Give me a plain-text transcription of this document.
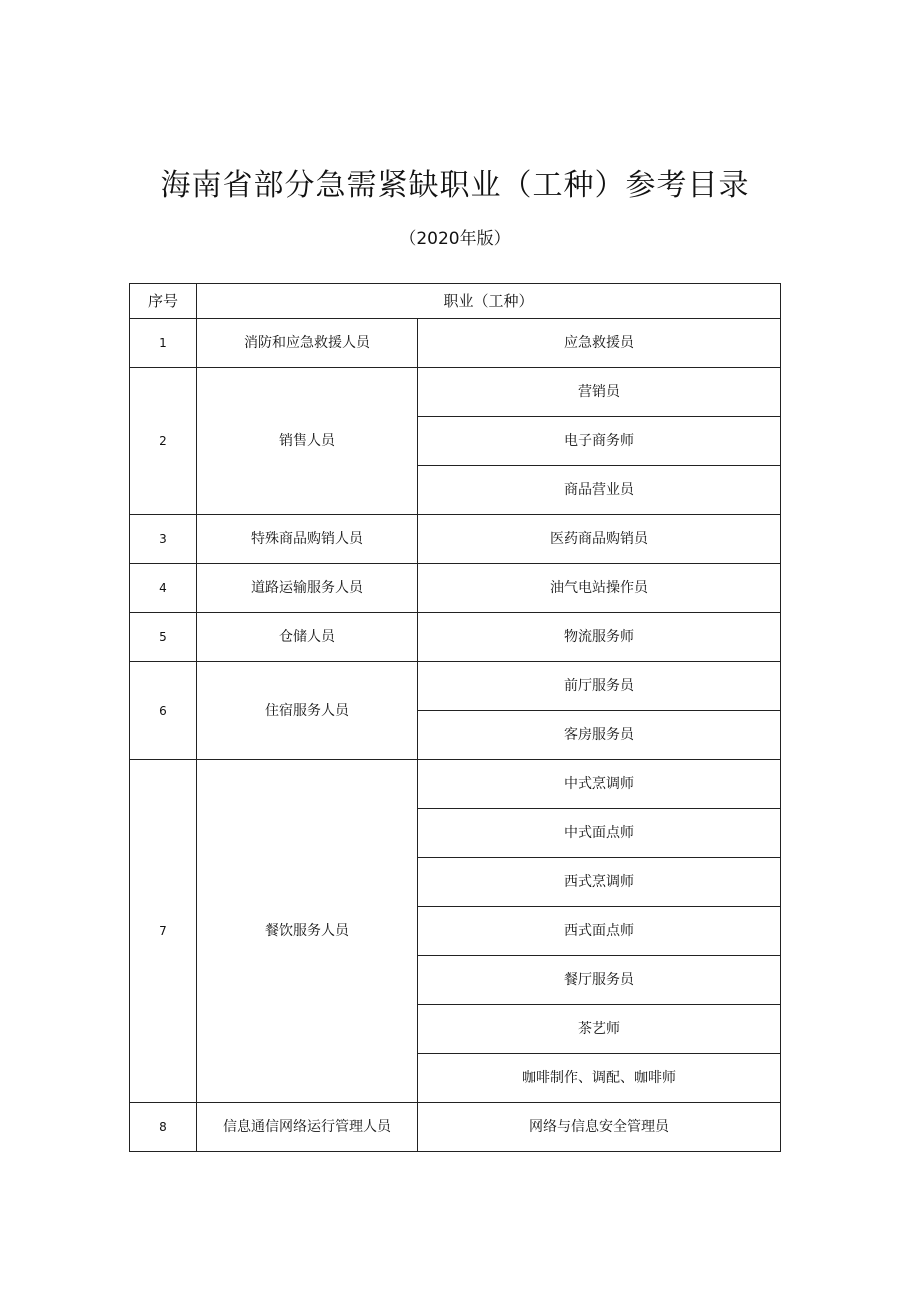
海南省部分急需紧缺职业（工种）参考目录
（2020年版）
序号	职业（工种）	
1	消防和应急救援人员	应急救援员
2	销售人员	营销员
		电子商务师
		商品营业员
3	特殊商品购销人员	医药商品购销员
4	道路运输服务人员	油气电站操作员
5	仓储人员	物流服务师
6	住宿服务人员	前厅服务员
		客房服务员
7	餐饮服务人员	中式烹调师
		中式面点师
		西式烹调师
		西式面点师
		餐厅服务员
		茶艺师
		咖啡制作、调配、咖啡师
8	信息通信网络运行管理人员	网络与信息安全管理员
